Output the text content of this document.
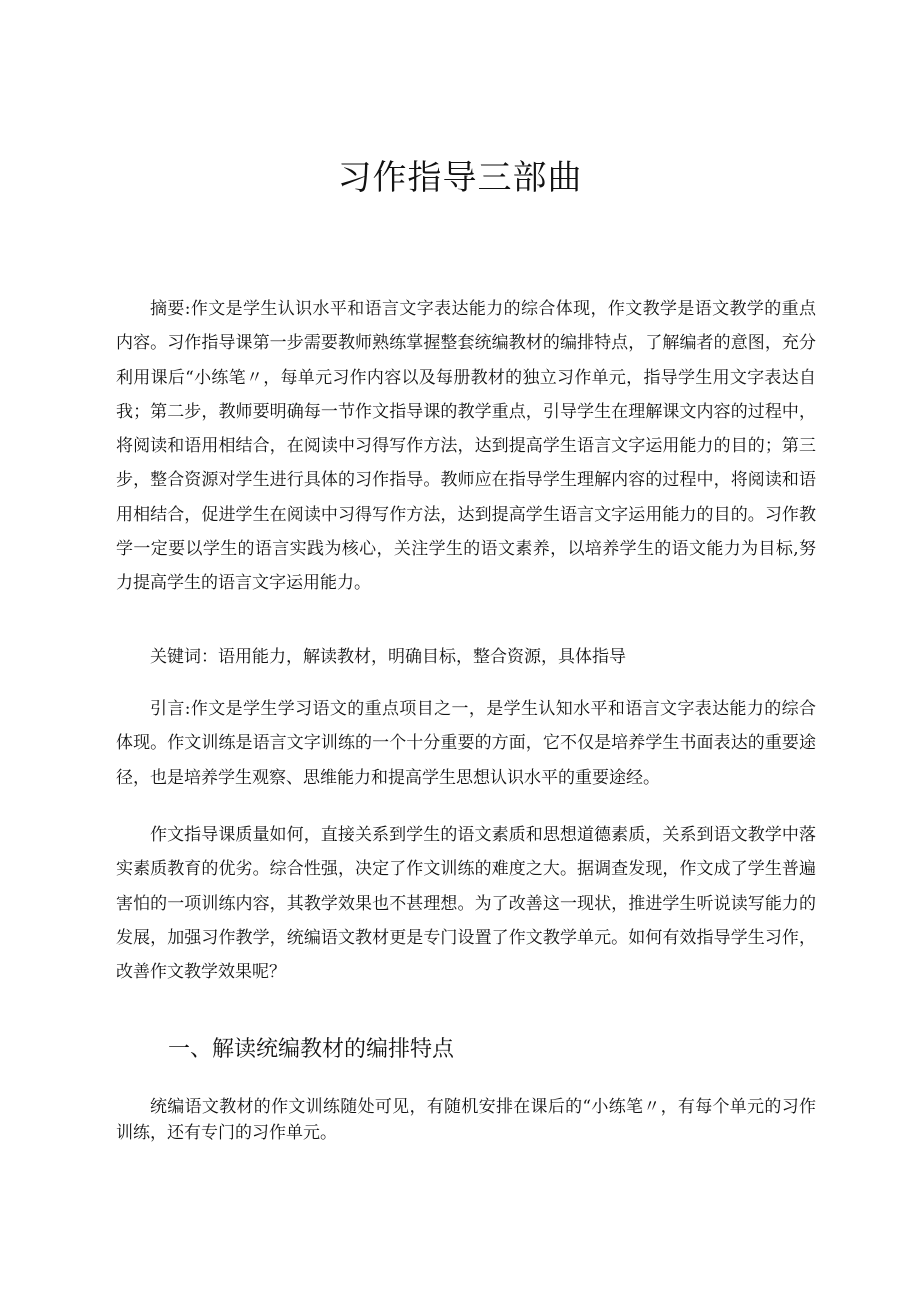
习作指导三部曲

摘要:作文是学生认识水平和语言文字表达能力的综合体现，作文教学是语文教学的重点内容。习作指导课第一步需要教师熟练掌握整套统编教材的编排特点，了解编者的意图，充分利用课后“小练笔〃，每单元习作内容以及每册教材的独立习作单元，指导学生用文字表达自我；第二步，教师要明确每一节作文指导课的教学重点，引导学生在理解课文内容的过程中，将阅读和语用相结合，在阅读中习得写作方法，达到提高学生语言文字运用能力的目的；第三步，整合资源对学生进行具体的习作指导。教师应在指导学生理解内容的过程中，将阅读和语用相结合，促进学生在阅读中习得写作方法，达到提高学生语言文字运用能力的目的。习作教学一定要以学生的语言实践为核心，关注学生的语文素养，以培养学生的语文能力为目标,努力提高学生的语言文字运用能力。

关键词：语用能力，解读教材，明确目标，整合资源，具体指导

引言:作文是学生学习语文的重点项目之一，是学生认知水平和语言文字表达能力的综合体现。作文训练是语言文字训练的一个十分重要的方面，它不仅是培养学生书面表达的重要途径，也是培养学生观察、思维能力和提高学生思想认识水平的重要途经。

作文指导课质量如何，直接关系到学生的语文素质和思想道德素质，关系到语文教学中落实素质教育的优劣。综合性强，决定了作文训练的难度之大。据调查发现，作文成了学生普遍害怕的一项训练内容，其教学效果也不甚理想。为了改善这一现状，推进学生听说读写能力的发展，加强习作教学，统编语文教材更是专门设置了作文教学单元。如何有效指导学生习作，改善作文教学效果呢？

一、解读统编教材的编排特点

统编语文教材的作文训练随处可见，有随机安排在课后的“小练笔〃，有每个单元的习作训练，还有专门的习作单元。
